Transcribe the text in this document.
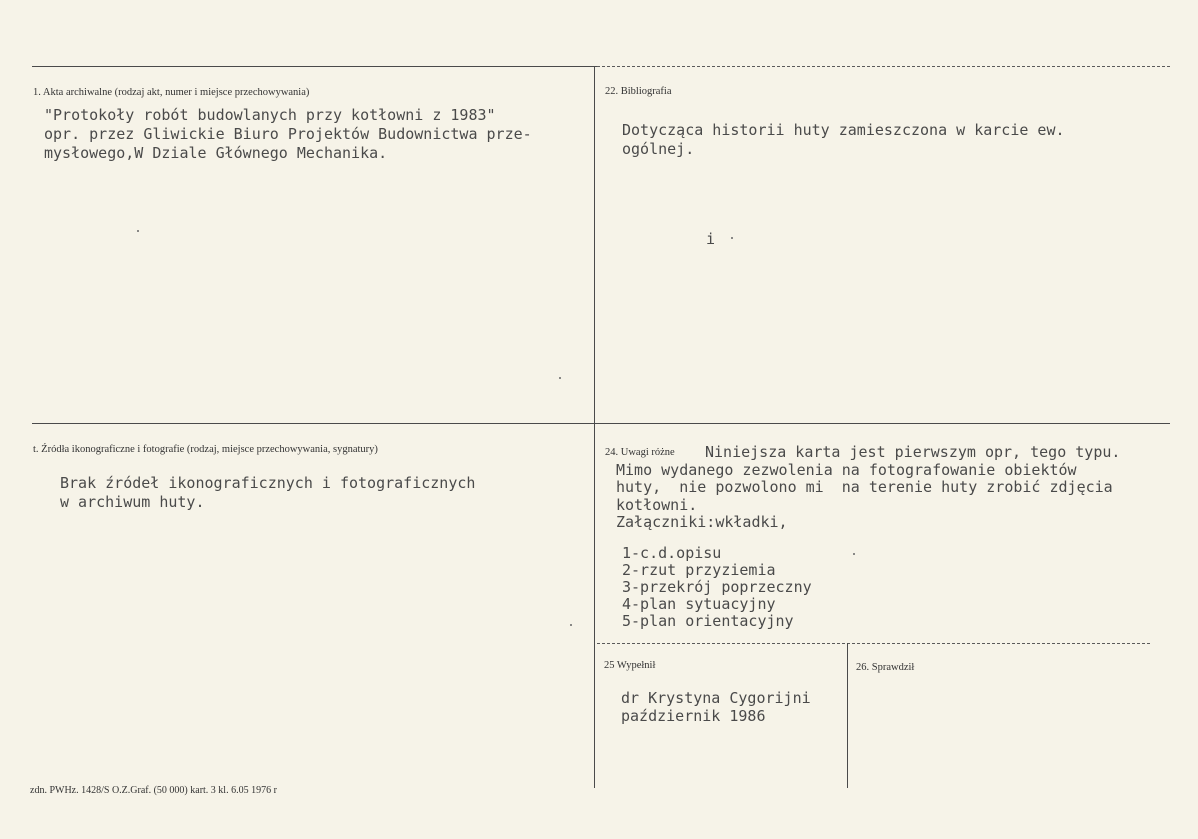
1. Akta archiwalne (rodzaj akt, numer i miejsce przechowywania)
"Protokoły robót budowlanych przy kotłowni z 1983"
opr. przez Gliwickie Biuro Projektów Budownictwa prze-
mysłowego,W Dziale Głównego Mechanika.
22. Bibliografia
Dotycząca historii huty zamieszczona w karcie ew.
ogólnej.
i
t. Źródła ikonograficzne i fotografie (rodzaj, miejsce przechowywania, sygnatury)
Brak źródeł ikonograficznych i fotograficznych
w archiwum huty.
24. Uwagi różne Niniejsza karta jest pierwszym opr, tego typu.
Mimo wydanego zezwolenia na fotografowanie obiektów
huty,  nie pozwolono mi  na terenie huty zrobić zdjęcia
kotłowni.
Załączniki:wkładki,
1-c.d.opisu
2-rzut przyziemia
3-przekrój poprzeczny
4-plan sytuacyjny
5-plan orientacyjny
25 Wypełnił
dr Krystyna Cygorijni
październik 1986
26. Sprawdził
zdn. PWHz. 1428/S O.Z.Graf. (50 000) kart. 3 kl. 6.05 1976 r
